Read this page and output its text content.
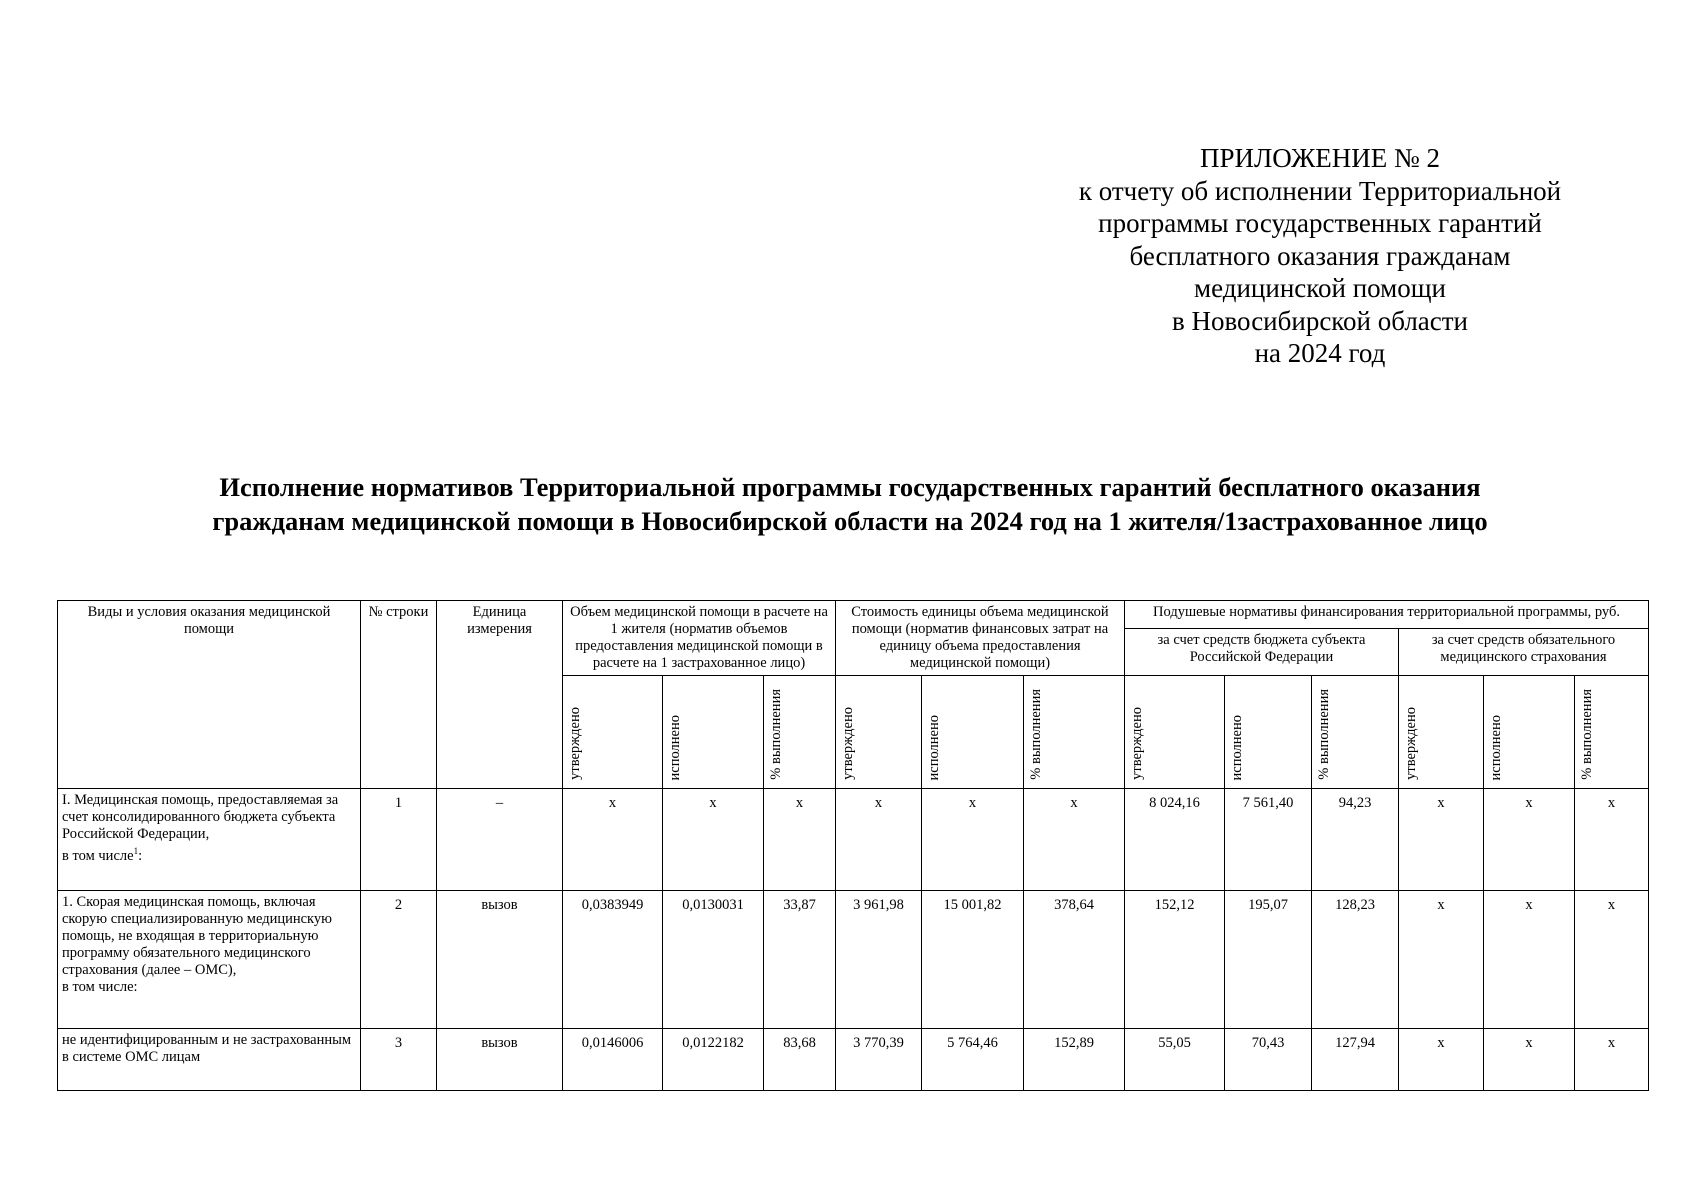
ПРИЛОЖЕНИЕ № 2
к отчету об исполнении Территориальной
программы государственных гарантий
бесплатного оказания гражданам
медицинской помощи
в Новосибирской области
на 2024 год
Исполнение нормативов Территориальной программы государственных гарантий бесплатного оказания
гражданам медицинской помощи в Новосибирской области на 2024 год на 1 жителя/1застрахованное лицо
Виды и условия оказания медицинской помощи	№ строки	Единица измерения	Объем медицинской помощи в расчете на 1 жителя (норматив объемов предоставления медицинской помощи в расчете на 1 застрахованное лицо)			Стоимость единицы объема медицинской помощи (норматив финансовых затрат на единицу объема предоставления медицинской помощи)			Подушевые нормативы финансирования территориальной программы, руб.					
									за счет средств бюджета субъекта Российской Федерации			за счет средств обязательного медицинского страхования		

			утверждено	исполнено	% выполнения	утверждено	исполнено	% выполнения	утверждено	исполнено	% выполнения	утверждено	исполнено	% выполнения

I. Медицинская помощь, предоставляемая за счет консолидированного бюджета субъекта Российской Федерации,
в том числе$^1$:	1	–	x	x	x	x	x	x	8 024,16	7 561,40	94,23	x	x	x
1. Скорая медицинская помощь, включая скорую специализированную медицинскую помощь, не входящая в территориальную программу обязательного медицинского страхования (далее – ОМС),
в том числе:	2	вызов	0,0383949	0,0130031	33,87	3 961,98	15 001,82	378,64	152,12	195,07	128,23	x	x	x
не идентифицированным и не застрахованным в системе ОМС лицам	3	вызов	0,0146006	0,0122182	83,68	3 770,39	5 764,46	152,89	55,05	70,43	127,94	x	x	x
